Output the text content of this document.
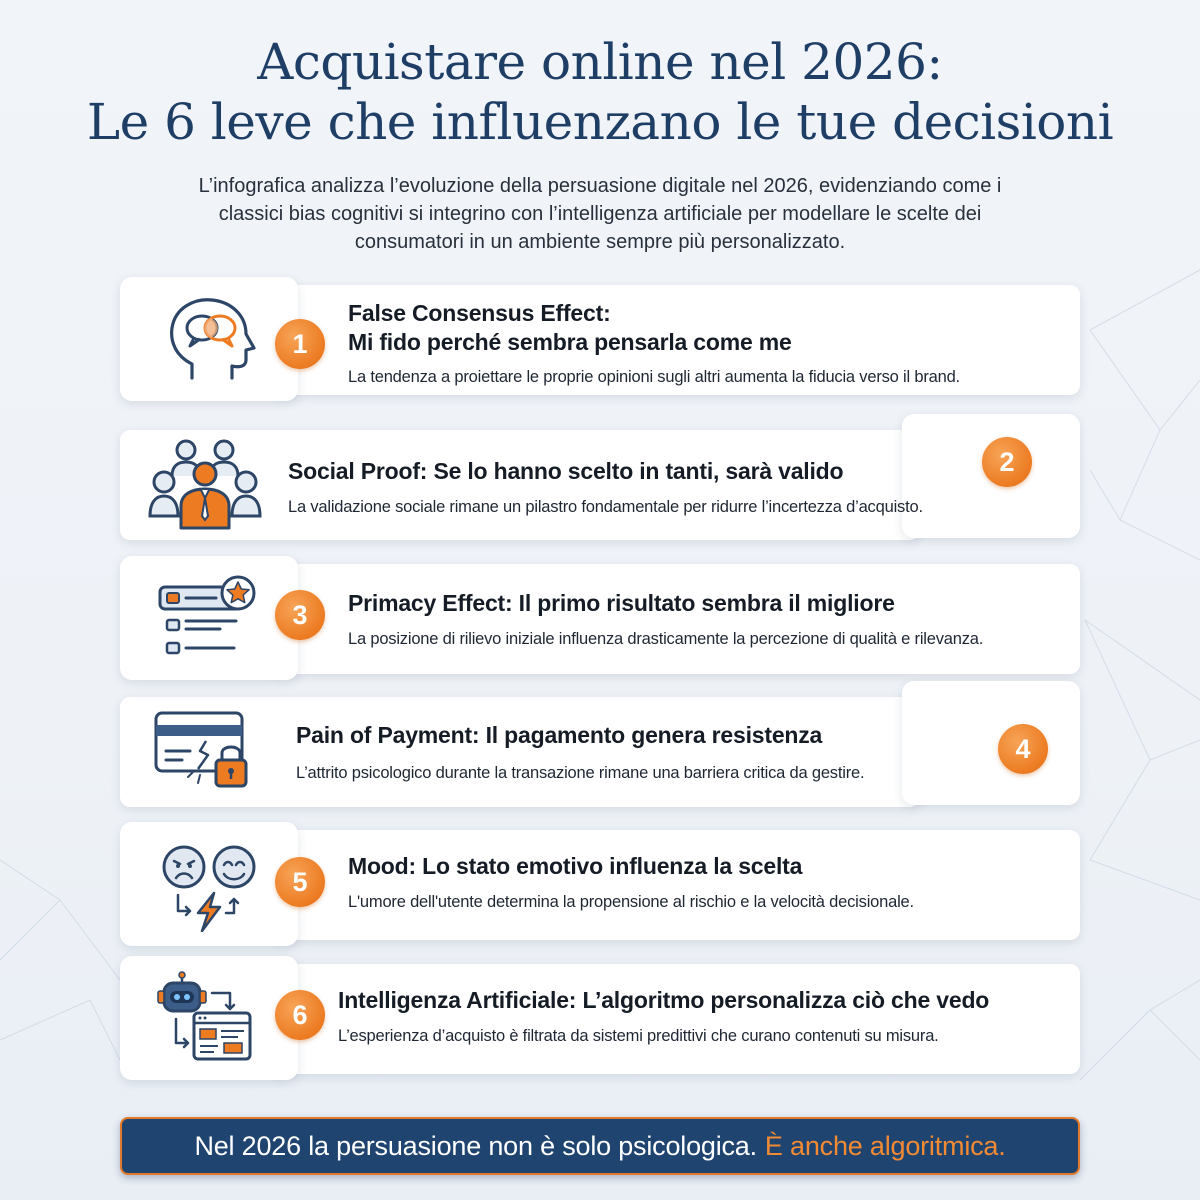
Acquistare online nel 2026:
Le 6 leve che influenzano le tue decisioni
L’infografica analizza l’evoluzione della persuasione digitale nel 2026, evidenziando come i
classici bias cognitivi si integrino con l’intelligenza artificiale per modellare le scelte dei
consumatori in un ambiente sempre più personalizzato.
1
False Consensus Effect:
Mi fido perché sembra pensarla come me
La tendenza a proiettare le proprie opinioni sugli altri aumenta la fiducia verso il brand.
2
Social Proof: Se lo hanno scelto in tanti, sarà valido
La validazione sociale rimane un pilastro fondamentale per ridurre l’incertezza d’acquisto.
3	Primacy Effect: Il primo risultato sembra il migliore
La posizione di rilievo iniziale influenza drasticamente la percezione di qualità e rilevanza.
4
Pain of Payment: Il pagamento genera resistenza
L’attrito psicologico durante la transazione rimane una barriera critica da gestire.
5
Mood: Lo stato emotivo influenza la scelta
L'umore dell'utente determina la propensione al rischio e la velocità decisionale.
6	Intelligenza Artificiale: L’algoritmo personalizza ciò che vedo
L’esperienza d’acquisto è filtrata da sistemi predittivi che curano contenuti su misura.
Nel 2026 la persuasione non è solo psicologica. È anche algoritmica.
